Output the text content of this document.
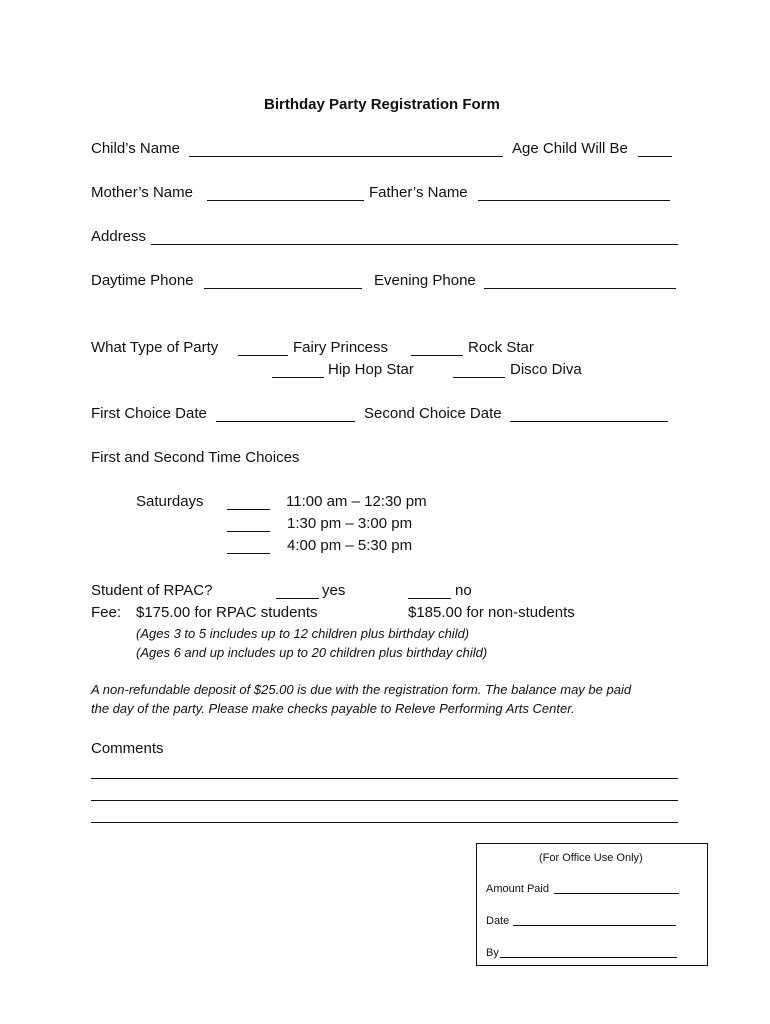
Birthday Party Registration Form
Child’s Name	Age Child Will Be
Mother’s Name	Father’s Name
Address
Daytime Phone	Evening Phone
What Type of Party	Fairy Princess	Rock Star
Hip Hop Star	Disco Diva
First Choice Date	Second Choice Date
First and Second Time Choices
Saturdays	11:00 am – 12:30 pm
1:30 pm – 3:00 pm
4:00 pm – 5:30 pm
Student of RPAC?	yes	no
Fee: $175.00 for RPAC students	$185.00 for non-students
(Ages 3 to 5 includes up to 12 children plus birthday child)
(Ages 6 and up includes up to 20 children plus birthday child)
A non-refundable deposit of $25.00 is due with the registration form. The balance may be paid
the day of the party. Please make checks payable to Releve Performing Arts Center.
Comments
(For Office Use Only)
Amount Paid
Date
By
